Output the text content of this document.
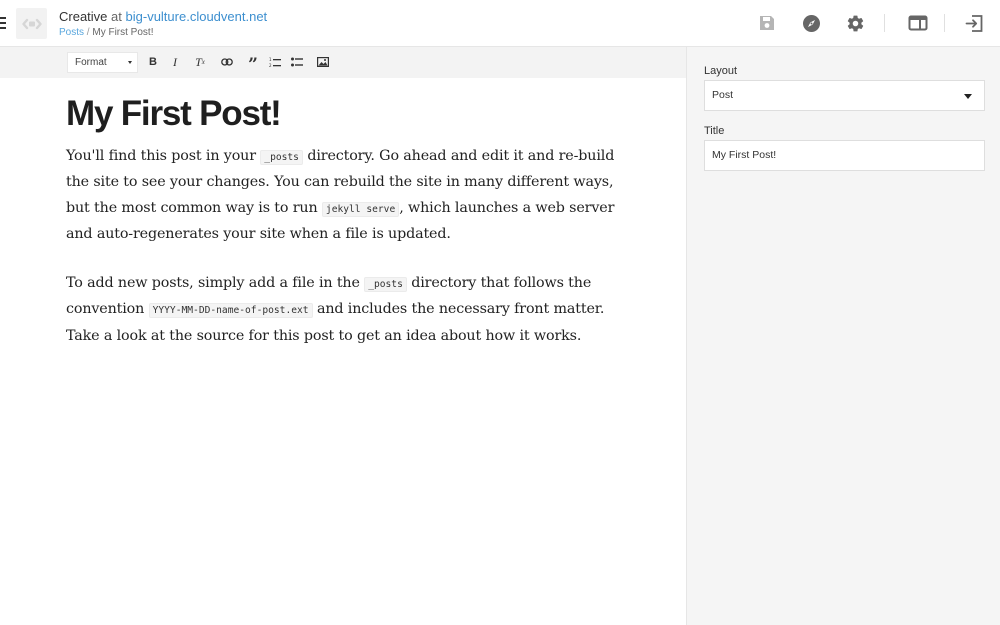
Creative at big-vulture.cloudvent.net
Posts / My First Post!
Format	B	I	T x	”	1
2
My First Post!

You'll find this post in your _posts directory. Go ahead and edit it and re-build the site to see your changes. You can rebuild the site in many different ways, but the most common way is to run jekyll serve , which launches a web server and auto-regenerates your site when a file is updated.

To add new posts, simply add a file in the _posts directory that follows the convention YYYY-MM-DD-name-of-post.ext and includes the necessary front matter. Take a look at the source for this post to get an idea about how it works.

Layout
Post
Title
My First Post!
